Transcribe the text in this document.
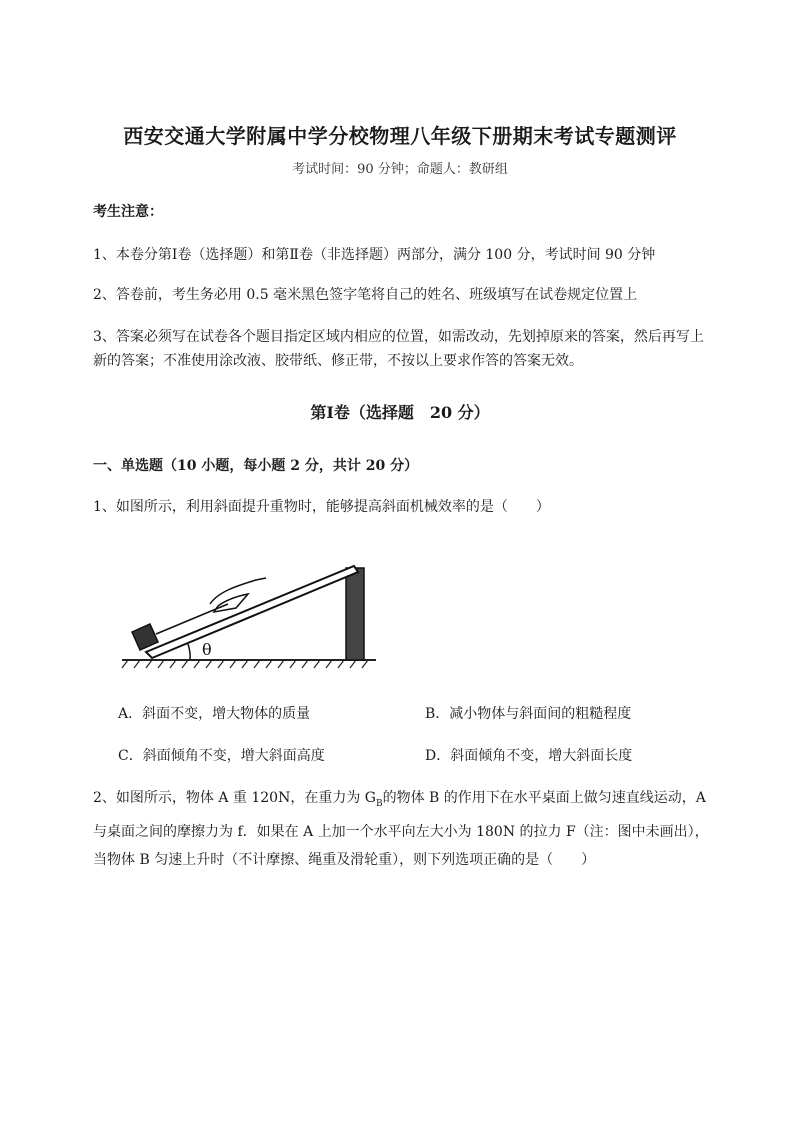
西安交通大学附属中学分校物理八年级下册期末考试专题测评
考试时间：90 分钟；命题人：教研组
考生注意：
1、本卷分第Ⅰ卷（选择题）和第Ⅱ卷（非选择题）两部分，满分 100 分，考试时间 90 分钟
2、答卷前，考生务必用 0.5 毫米黑色签字笔将自己的姓名、班级填写在试卷规定位置上
3、答案必须写在试卷各个题目指定区域内相应的位置，如需改动，先划掉原来的答案，然后再写上新的答案；不准使用涂改液、胶带纸、修正带，不按以上要求作答的答案无效。
第Ⅰ卷（选择题　20 分）
一、单选题（10 小题，每小题 2 分，共计 20 分）
1、如图所示，利用斜面提升重物时，能够提高斜面机械效率的是（　　）
θ
A．斜面不变，增大物体的质量	B．减小物体与斜面间的粗糙程度
C．斜面倾角不变，增大斜面高度	D．斜面倾角不变，增大斜面长度
2、如图所示，物体 A 重 120N，在重力为 $G_B$的物体 B 的作用下在水平桌面上做匀速直线运动，A 与桌面之间的摩擦力为 f．如果在 A 上加一个水平向左大小为 180N 的拉力 F（注：图中未画出），当物体 B 匀速上升时（不计摩擦、绳重及滑轮重），则下列选项正确的是（　　）
